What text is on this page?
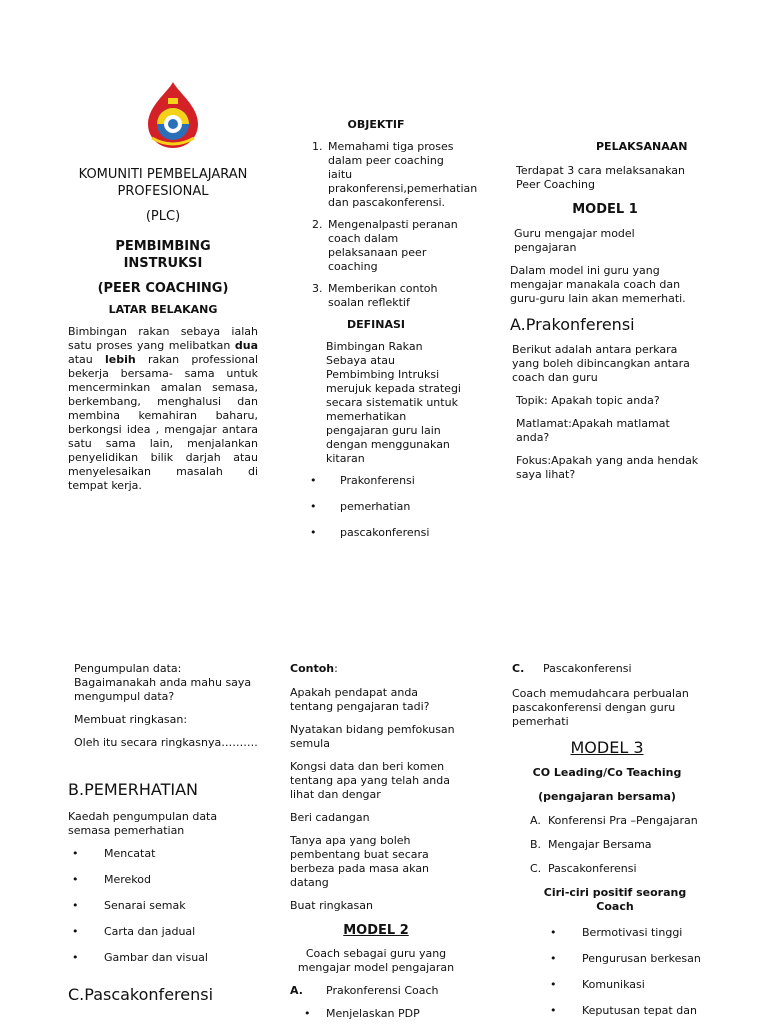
KOMUNITI PEMBELAJARAN
PROFESIONAL
(PLC)
PEMBIMBING
INSTRUKSI
(PEER COACHING)
LATAR BELAKANG
Bimbingan rakan sebaya ialah satu proses yang melibatkan dua atau lebih rakan professional bekerja bersama- sama untuk mencerminkan amalan semasa, berkembang, menghalusi dan membina kemahiran baharu, berkongsi idea , mengajar antara satu sama lain, menjalankan penyelidikan bilik darjah atau menyelesaikan masalah di tempat kerja.
OBJEKTIF
1. Memahami tiga proses dalam peer coaching iaitu prakonferensi,pemerhatian dan pascakonferensi.
2. Mengenalpasti peranan coach dalam pelaksanaan peer coaching
3. Memberikan contoh soalan reflektif
DEFINASI
Bimbingan Rakan Sebaya atau Pembimbing Intruksi merujuk kepada strategi secara sistematik untuk memerhatikan pengajaran guru lain dengan menggunakan kitaran
• Prakonferensi
• pemerhatian
• pascakonferensi
PELAKSANAAN
Terdapat 3 cara melaksanakan Peer Coaching
MODEL 1
Guru mengajar model pengajaran
Dalam model ini guru yang mengajar manakala coach dan guru-guru lain akan memerhati.
A.Prakonferensi
Berikut adalah antara perkara yang boleh dibincangkan antara coach dan guru
Topik: Apakah topic anda?
Matlamat:Apakah matlamat anda?
Fokus:Apakah yang anda hendak saya lihat?
Pengumpulan data: Bagaimanakah anda mahu saya mengumpul data?
Membuat ringkasan:
Oleh itu secara ringkasnya……….
B.PEMERHATIAN
Kaedah pengumpulan data semasa pemerhatian
• Mencatat
• Merekod
• Senarai semak
• Carta dan jadual
• Gambar dan visual
C.Pascakonferensi
Contoh:
Apakah pendapat anda tentang pengajaran tadi?
Nyatakan bidang pemfokusan semula
Kongsi data dan beri komen tentang apa yang telah anda lihat dan dengar
Beri cadangan
Tanya apa yang boleh pembentang buat secara berbeza pada masa akan datang
Buat ringkasan
MODEL 2
Coach sebagai guru yang mengajar model pengajaran
A. Prakonferensi Coach
• Menjelaskan PDP
C. Pascakonferensi
Coach memudahcara perbualan pascakonferensi dengan guru pemerhati
MODEL 3
CO Leading/Co Teaching
(pengajaran bersama)
A. Konferensi Pra –Pengajaran
B. Mengajar Bersama
C. Pascakonferensi
Ciri-ciri positif seorang Coach
• Bermotivasi tinggi
• Pengurusan berkesan
• Komunikasi
• Keputusan tepat dan
